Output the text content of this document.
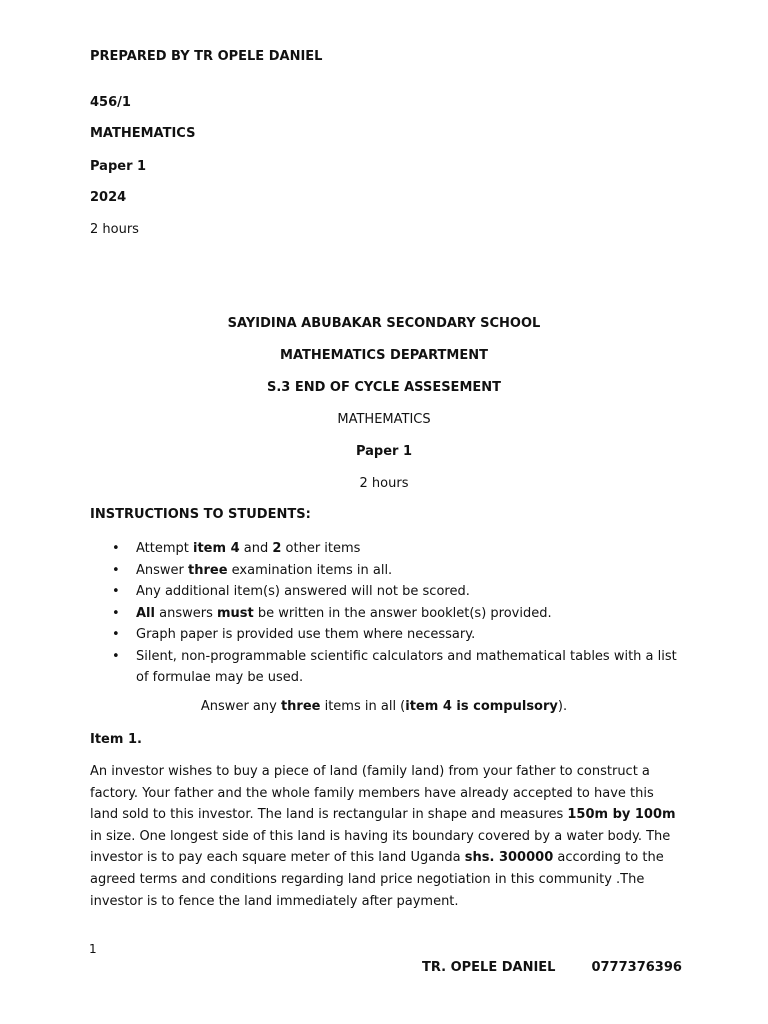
PREPARED BY TR OPELE DANIEL
456/1
MATHEMATICS
Paper 1
2024
2 hours
SAYIDINA ABUBAKAR SECONDARY SCHOOL
MATHEMATICS DEPARTMENT
S.3 END OF CYCLE ASSESEMENT
MATHEMATICS
Paper 1
2 hours
INSTRUCTIONS TO STUDENTS:
• Attempt item 4 and 2 other items
• Answer three examination items in all.
• Any additional item(s) answered will not be scored.
• All answers must be written in the answer booklet(s) provided.
• Graph paper is provided use them where necessary.
• Silent, non-programmable scientific calculators and mathematical tables with a list of formulae may be used.
Answer any three items in all (item 4 is compulsory).
Item 1.

An investor wishes to buy a piece of land (family land) from your father to construct a factory. Your father and the whole family members have already accepted to have this land sold to this investor. The land is rectangular in shape and measures 150m by 100m in size. One longest side of this land is having its boundary covered by a water body. The investor is to pay each square meter of this land Uganda shs. 300000 according to the agreed terms and conditions regarding land price negotiation in this community .The investor is to fence the land immediately after payment.

1
TR. OPELE DANIEL	0777376396
